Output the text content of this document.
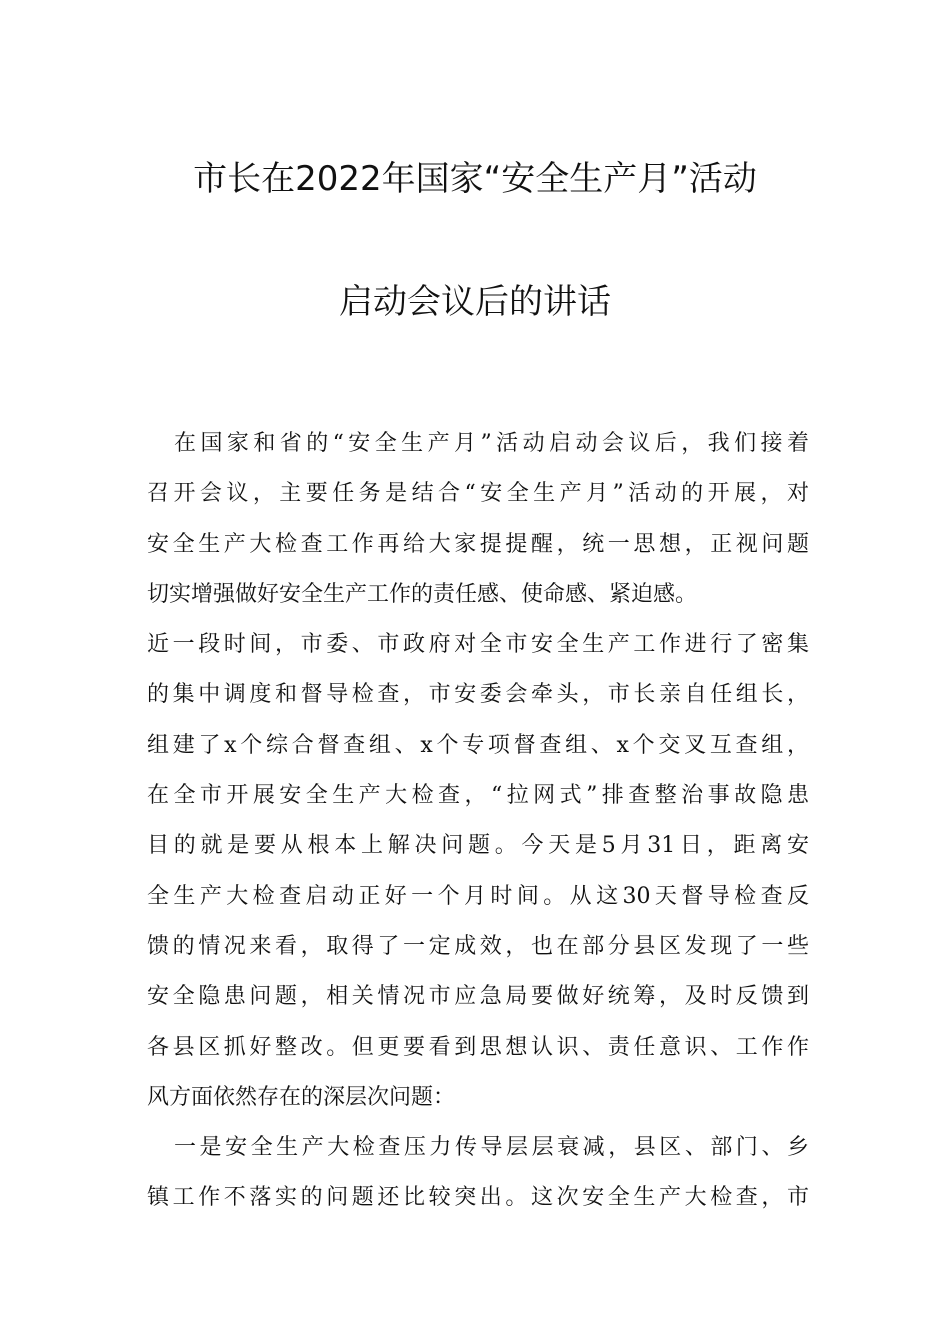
市长在2022年国家“安全生产月”活动
启动会议后的讲话
在国家和省的“安全生产月”活动启动会议后，我们接着
召开会议，主要任务是结合“安全生产月”活动的开展，对
安全生产大检查工作再给大家提提醒，统一思想，正视问题
切实增强做好安全生产工作的责任感、使命感、紧迫感。
近一段时间，市委、市政府对全市安全生产工作进行了密集
的集中调度和督导检查，市安委会牵头，市长亲自任组长，
组建了x个综合督查组、x个专项督查组、x个交叉互查组，
在全市开展安全生产大检查，“拉网式”排查整治事故隐患
目的就是要从根本上解决问题。今天是5月31日，距离安
全生产大检查启动正好一个月时间。从这30天督导检查反
馈的情况来看，取得了一定成效，也在部分县区发现了一些
安全隐患问题，相关情况市应急局要做好统筹，及时反馈到
各县区抓好整改。但更要看到思想认识、责任意识、工作作
风方面依然存在的深层次问题：
一是安全生产大检查压力传导层层衰减，县区、部门、乡
镇工作不落实的问题还比较突出。这次安全生产大检查，市
